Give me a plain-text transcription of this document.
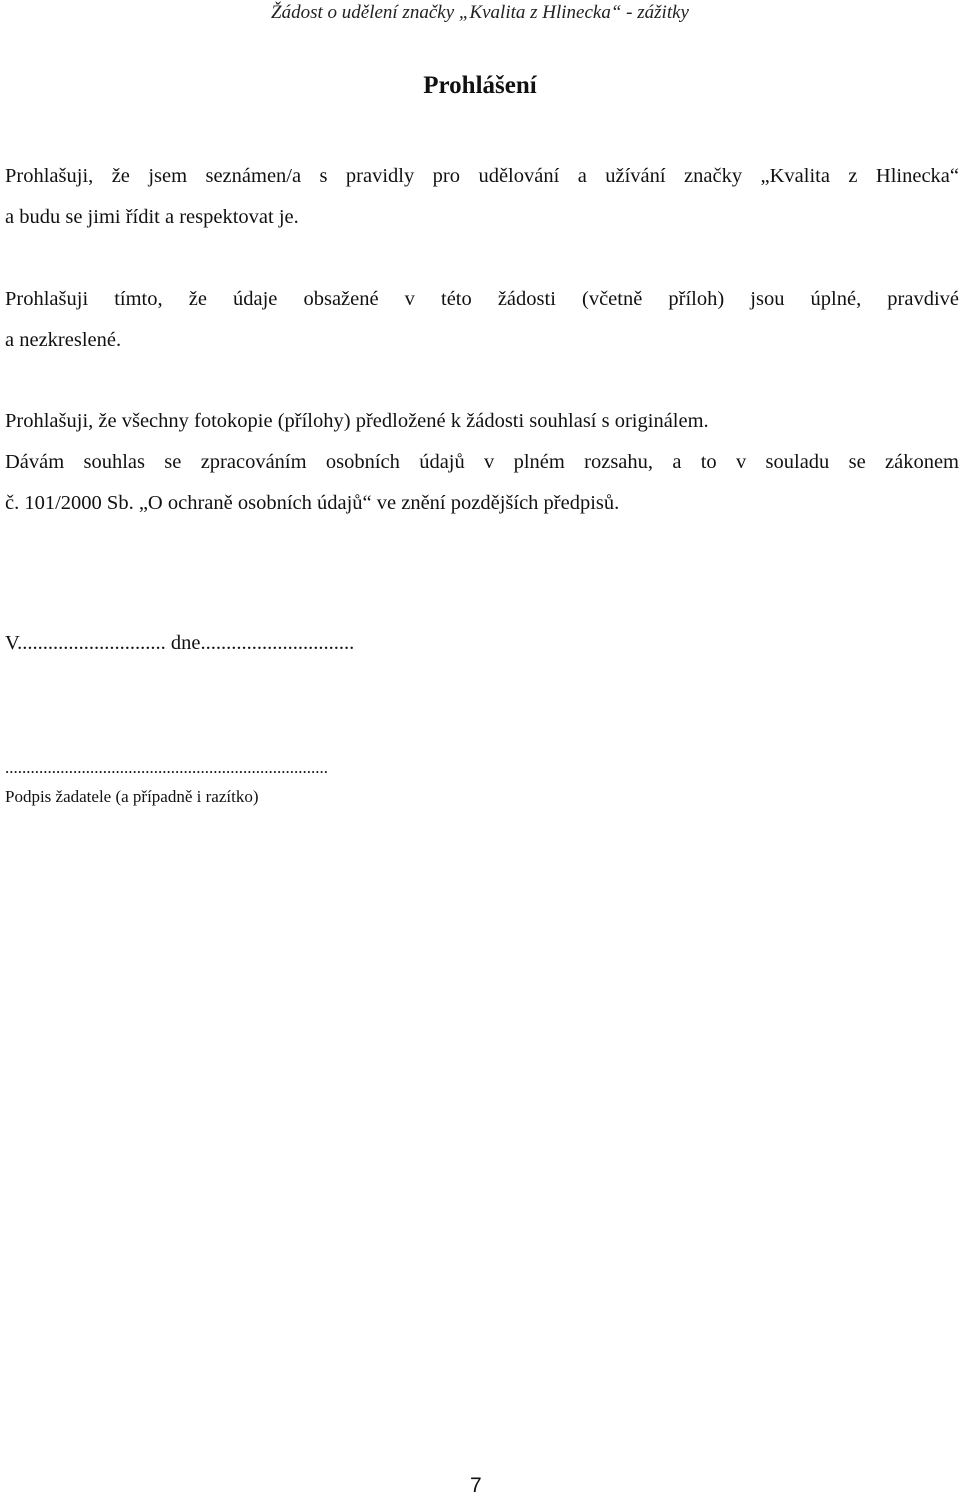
Žádost o udělení značky „Kvalita z Hlinecka“ - zážitky
Prohlášení
Prohlašuji, že jsem seznámen/a s pravidly pro udělování a užívání značky „Kvalita z Hlinecka“
a budu se jimi řídit a respektovat je.
Prohlašuji tímto, že údaje obsažené v této žádosti (včetně příloh) jsou úplné, pravdivé
a nezkreslené.
Prohlašuji, že všechny fotokopie (přílohy) předložené k žádosti souhlasí s originálem.
Dávám souhlas se zpracováním osobních údajů v plném rozsahu, a to v souladu se zákonem
č. 101/2000 Sb. „O ochraně osobních údajů“ ve znění pozdějších předpisů.
V............................. dne..............................
............................................................................
Podpis žadatele (a případně i razítko)
7
